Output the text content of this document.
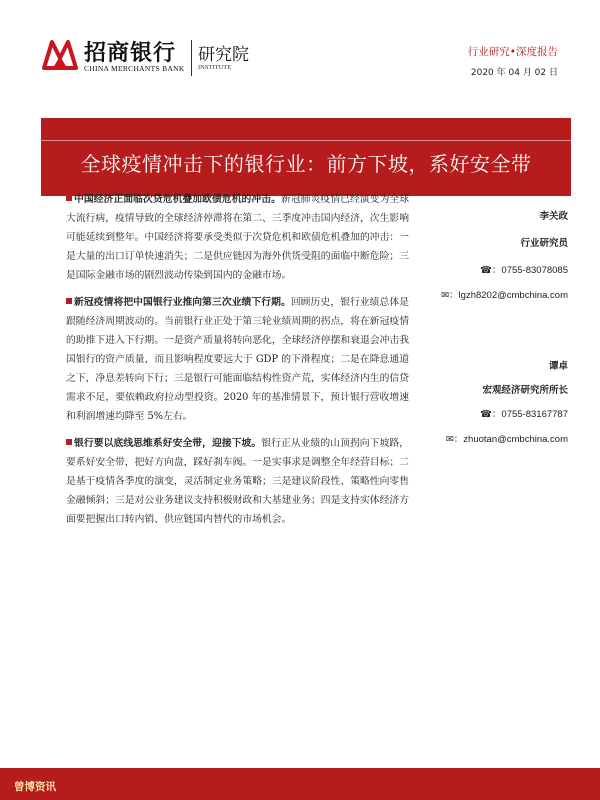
招商银行
CHINA MERCHANTS BANK
研究院
INSTITUTE
行业研究•深度报告
2020 年 04 月 02 日
全球疫情冲击下的银行业：前方下坡，系好安全带

中国经济正面临次贷危机叠加欧债危机的冲击。新冠肺炎疫情已经演变为全球大流行病，疫情导致的全球经济停滞将在第二、三季度冲击国内经济，次生影响可能延续到整年。中国经济将要承受类似于次贷危机和欧债危机叠加的冲击：一是大量的出口订单快速消失；二是供应链因为海外供货受阻的面临中断危险；三是国际金融市场的剧烈波动传染到国内的金融市场。

新冠疫情将把中国银行业推向第三次业绩下行期。回顾历史，银行业绩总体是跟随经济周期波动的。当前银行业正处于第三轮业绩周期的拐点，将在新冠疫情的助推下进入下行期。一是资产质量将转向恶化，全球经济停摆和衰退会冲击我国银行的资产质量，而且影响程度要远大于 GDP 的下滑程度；二是在降息通道之下，净息差转向下行；三是银行可能面临结构性资产荒，实体经济内生的信贷需求不足，要依赖政府拉动型投资。2020 年的基准情景下，预计银行营收增速和利润增速均降至 5%左右。

银行要以底线思维系好安全带，迎接下坡。银行正从业绩的山顶拐向下坡路，要系好安全带，把好方向盘，踩好刹车阀。一是实事求是调整全年经营目标；二是基于疫情各季度的演变，灵活制定业务策略；三是建议阶段性、策略性向零售金融倾斜；三是对公业务建议支持积极财政和大基建业务；四是支持实体经济方面要把握出口转内销、供应链国内替代的市场机会。

李关政
行业研究员
☎：0755-83078085
✉：lgzh8202@cmbchina.com
谭卓
宏观经济研究所所长
☎：0755-83167787
✉：zhuotan@cmbchina.com
曾博资讯
